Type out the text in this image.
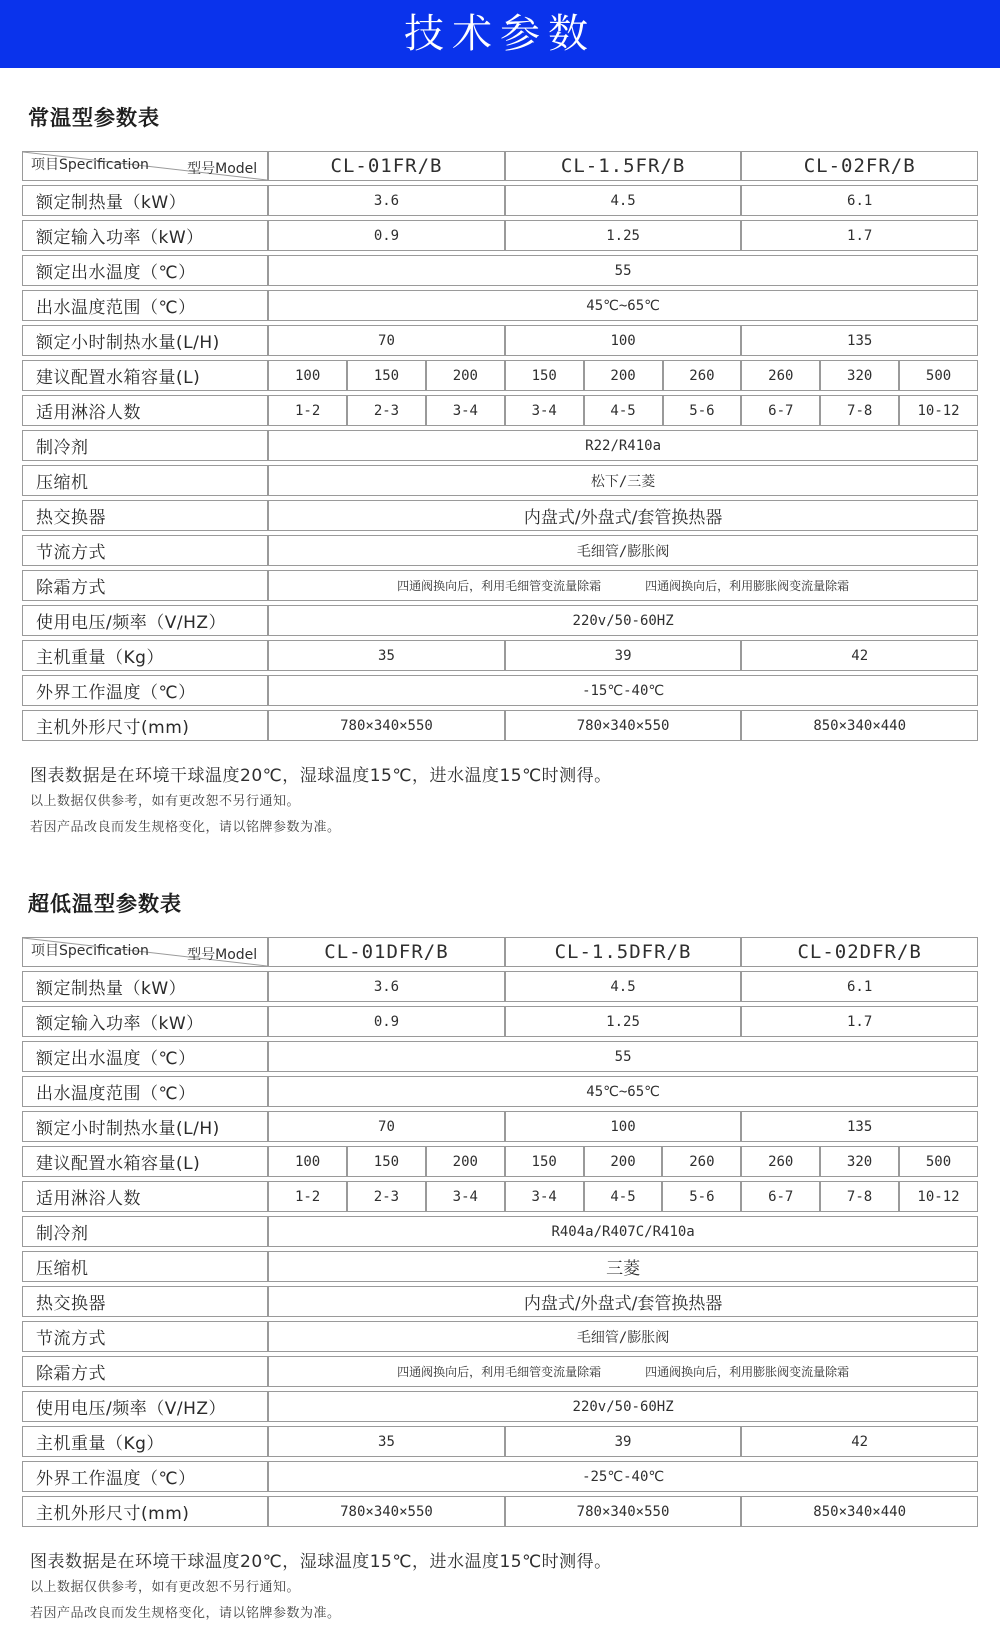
技术参数
常温型参数表
型号Model
项目Specification	CL-01FR/B			CL-1.5FR/B			CL-02FR/B		
额定制热量（kW）	3.6			4.5			6.1		
额定输入功率（kW）	0.9			1.25			1.7		
额定出水温度（℃）	55								
出水温度范围（℃）	45℃~65℃								
额定小时制热水量(L/H)	70			100			135		
建议配置水箱容量(L)	100	150	200	150	200	260	260	320	500
适用淋浴人数	1-2	2-3	3-4	3-4	4-5	5-6	6-7	7-8	10-12
制冷剂	R22/R410a								
压缩机	松下/三菱								
热交换器	内盘式/外盘式/套管换热器								
节流方式	毛细管/膨胀阀								
除霜方式	四通阀换向后，利用毛细管变流量除霜 四通阀换向后，利用膨胀阀变流量除霜								
使用电压/频率（V/HZ）	220v/50-60HZ								
主机重量（Kg）	35			39			42		
外界工作温度（℃）	-15℃-40℃								
主机外形尺寸(mm)	780×340×550			780×340×550			850×340×440		

图表数据是在环境干球温度20℃，湿球温度15℃，进水温度15℃时测得。

以上数据仅供参考，如有更改恕不另行通知。

若因产品改良而发生规格变化，请以铭牌参数为准。

超低温型参数表
型号Model
项目Specification	CL-01DFR/B			CL-1.5DFR/B			CL-02DFR/B		
额定制热量（kW）	3.6			4.5			6.1		
额定输入功率（kW）	0.9			1.25			1.7		
额定出水温度（℃）	55								
出水温度范围（℃）	45℃~65℃								
额定小时制热水量(L/H)	70			100			135		
建议配置水箱容量(L)	100	150	200	150	200	260	260	320	500
适用淋浴人数	1-2	2-3	3-4	3-4	4-5	5-6	6-7	7-8	10-12
制冷剂	R404a/R407C/R410a								
压缩机	三菱								
热交换器	内盘式/外盘式/套管换热器								
节流方式	毛细管/膨胀阀								
除霜方式	四通阀换向后，利用毛细管变流量除霜 四通阀换向后，利用膨胀阀变流量除霜								
使用电压/频率（V/HZ）	220v/50-60HZ								
主机重量（Kg）	35			39			42		
外界工作温度（℃）	-25℃-40℃								
主机外形尺寸(mm)	780×340×550			780×340×550			850×340×440		

图表数据是在环境干球温度20℃，湿球温度15℃，进水温度15℃时测得。

以上数据仅供参考，如有更改恕不另行通知。

若因产品改良而发生规格变化，请以铭牌参数为准。
